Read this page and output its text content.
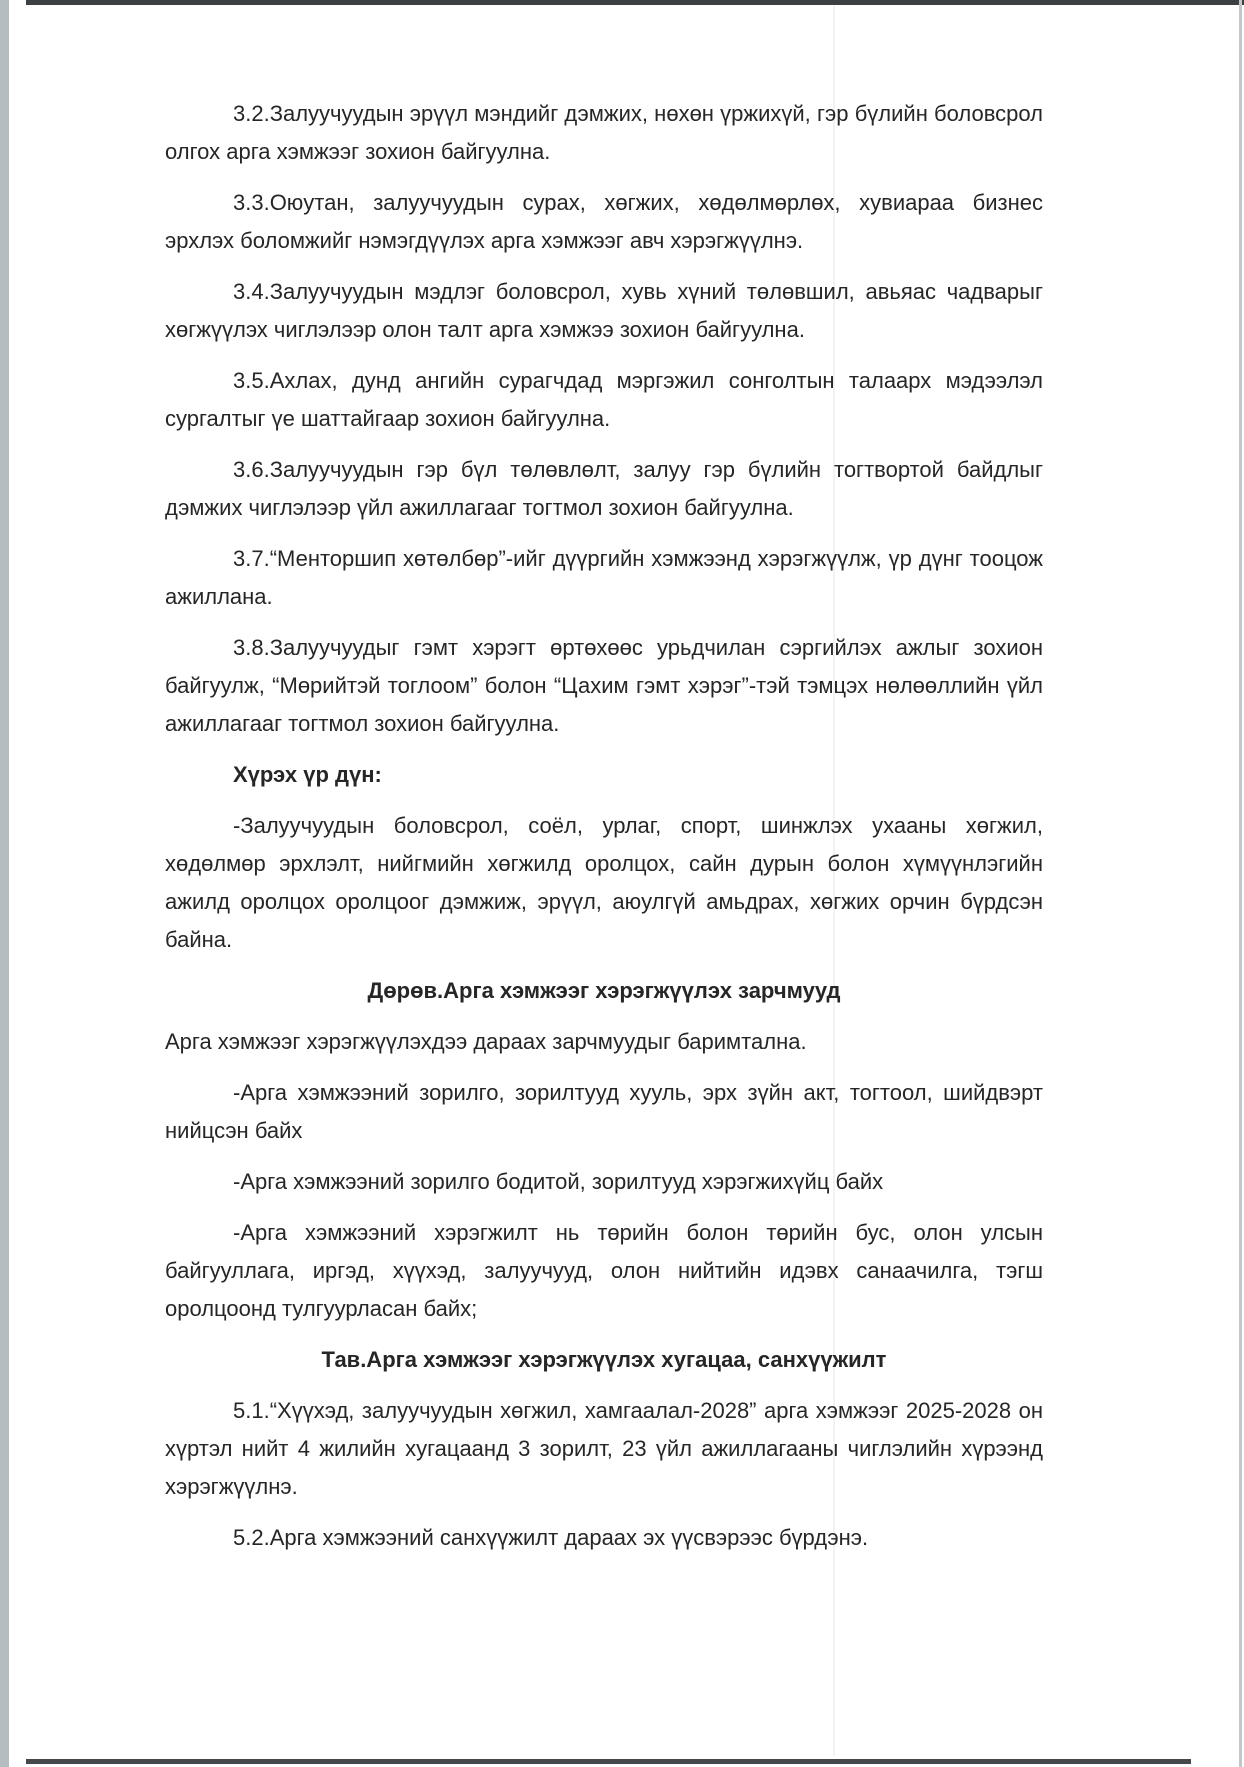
3.2.Залуучуудын эрүүл мэндийг дэмжих, нөхөн үржихүй, гэр бүлийн боловсрол олгох арга хэмжээг зохион байгуулна.

3.3.Оюутан, залуучуудын сурах, хөгжих, хөдөлмөрлөх, хувиараа бизнес эрхлэх боломжийг нэмэгдүүлэх арга хэмжээг авч хэрэгжүүлнэ.

3.4.Залуучуудын мэдлэг боловсрол, хувь хүний төлөвшил, авьяас чадварыг хөгжүүлэх чиглэлээр олон талт арга хэмжээ зохион байгуулна.

3.5.Ахлах, дунд ангийн сурагчдад мэргэжил сонголтын талаарх мэдээлэл сургалтыг үе шаттайгаар зохион байгуулна.

3.6.Залуучуудын гэр бүл төлөвлөлт, залуу гэр бүлийн тогтвортой байдлыг дэмжих чиглэлээр үйл ажиллагааг тогтмол зохион байгуулна.

3.7.“Менторшип хөтөлбөр”-ийг дүүргийн хэмжээнд хэрэгжүүлж, үр дүнг тооцож ажиллана.

3.8.Залуучуудыг гэмт хэрэгт өртөхөөс урьдчилан сэргийлэх ажлыг зохион байгуулж, “Мөрийтэй тоглоом” болон “Цахим гэмт хэрэг”-тэй тэмцэх нөлөөллийн үйл ажиллагааг тогтмол зохион байгуулна.

Хүрэх үр дүн:

-Залуучуудын боловсрол, соёл, урлаг, спорт, шинжлэх ухааны хөгжил, хөдөлмөр эрхлэлт, нийгмийн хөгжилд оролцох, сайн дурын болон хүмүүнлэгийн ажилд оролцох оролцоог дэмжиж, эрүүл, аюулгүй амьдрах, хөгжих орчин бүрдсэн байна.

Дөрөв.Арга хэмжээг хэрэгжүүлэх зарчмууд

Арга хэмжээг хэрэгжүүлэхдээ дараах зарчмуудыг баримтална.

-Арга хэмжээний зорилго, зорилтууд хууль, эрх зүйн акт, тогтоол, шийдвэрт нийцсэн байх

-Арга хэмжээний зорилго бодитой, зорилтууд хэрэгжихүйц байх

-Арга хэмжээний хэрэгжилт нь төрийн болон төрийн бус, олон улсын байгууллага, иргэд, хүүхэд, залуучууд, олон нийтийн идэвх санаачилга, тэгш оролцоонд тулгуурласан байх;

Тав.Арга хэмжээг хэрэгжүүлэх хугацаа, санхүүжилт

5.1.“Хүүхэд, залуучуудын хөгжил, хамгаалал-2028” арга хэмжээг 2025-2028 он хүртэл нийт 4 жилийн хугацаанд 3 зорилт, 23 үйл ажиллагааны чиглэлийн хүрээнд хэрэгжүүлнэ.

5.2.Арга хэмжээний санхүүжилт дараах эх үүсвэрээс бүрдэнэ.
